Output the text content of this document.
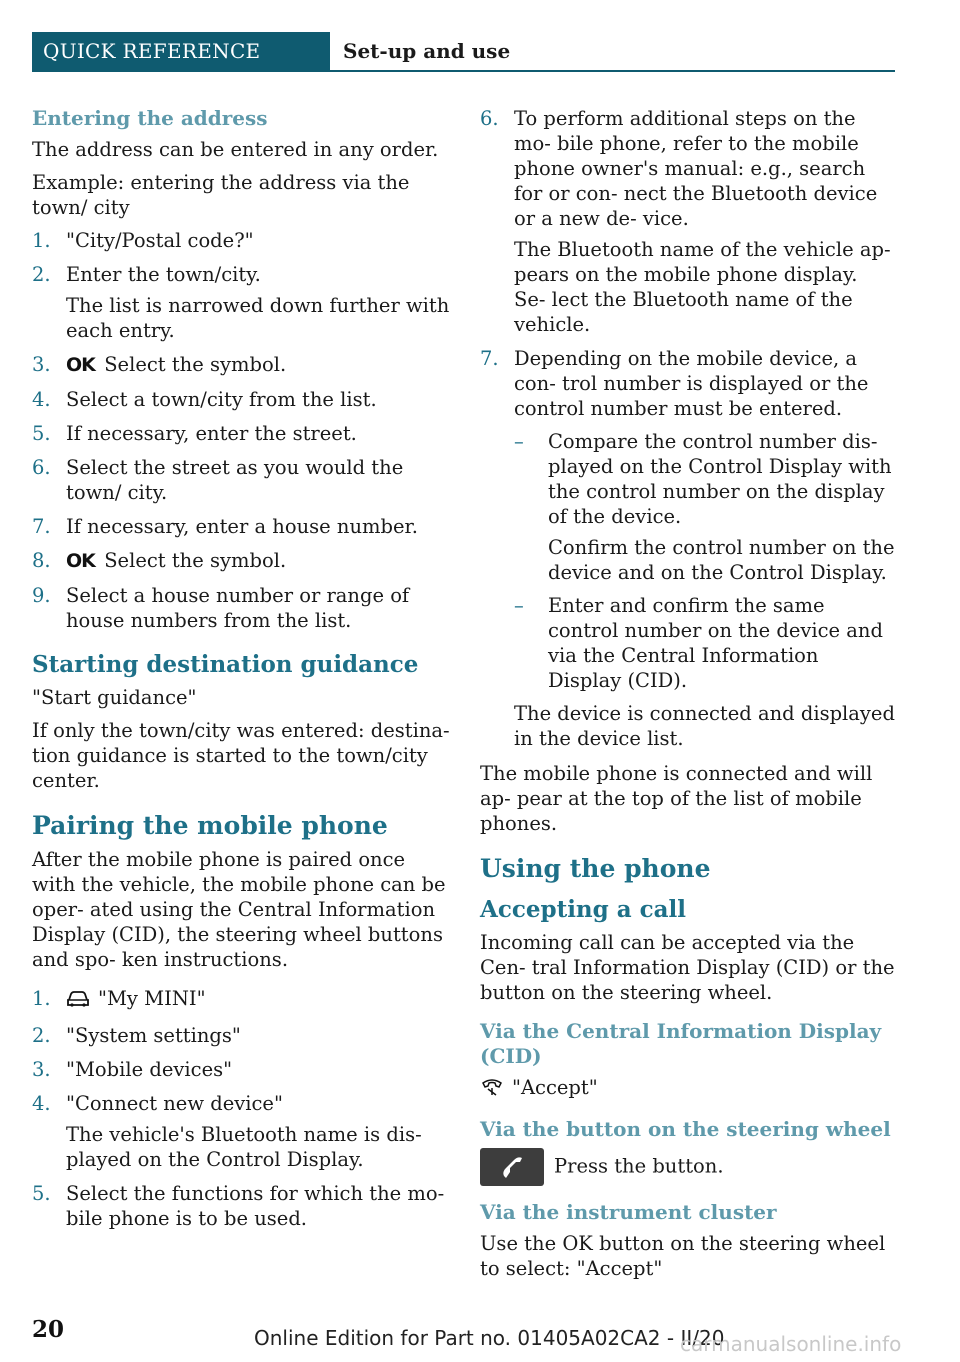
QUICK REFERENCE	Set-up and use
Entering the address

The address can be entered in any order.

Example: entering the address via the town/ city

1. "City/Postal code?"
2. Enter the town/city.

The list is narrowed down further with each entry.

3. OK Select the symbol.
4. Select a town/city from the list.
5. If necessary, enter the street.
6. Select the street as you would the town/ city.
7. If necessary, enter a house number.
8. OK Select the symbol.
9. Select a house number or range of house numbers from the list.
Starting destination guidance

"Start guidance"

If only the town/city was entered: destina- tion guidance is started to the town/city center.

Pairing the mobile phone

After the mobile phone is paired once with the vehicle, the mobile phone can be oper- ated using the Central Information Display (CID), the steering wheel buttons and spo- ken instructions.

1. "My MINI"
2. "System settings"
3. "Mobile devices"
4. "Connect new device"

The vehicle's Bluetooth name is dis- played on the Control Display.

5. Select the functions for which the mo- bile phone is to be used.
6. To perform additional steps on the mo- bile phone, refer to the mobile phone owner's manual: e.g., search for or con- nect the Bluetooth device or a new de- vice.

The Bluetooth name of the vehicle ap- pears on the mobile phone display. Se- lect the Bluetooth name of the vehicle.

7. Depending on the mobile device, a con- trol number is displayed or the control number must be entered.
– Compare the control number dis- played on the Control Display with the control number on the display of the device.

Confirm the control number on the device and on the Control Display.

– Enter and confirm the same control number on the device and via the Central Information Display (CID).

The device is connected and displayed in the device list.

The mobile phone is connected and will ap- pear at the top of the list of mobile phones.

Using the phone
Accepting a call

Incoming call can be accepted via the Cen- tral Information Display (CID) or the button on the steering wheel.

Via the Central Information Display (CID)

"Accept"

Via the button on the steering wheel

Press the button.

Via the instrument cluster

Use the OK button on the steering wheel to select: "Accept"

20	Online Edition for Part no. 01405A02CA2 - II/20
carmanualsonline.info
